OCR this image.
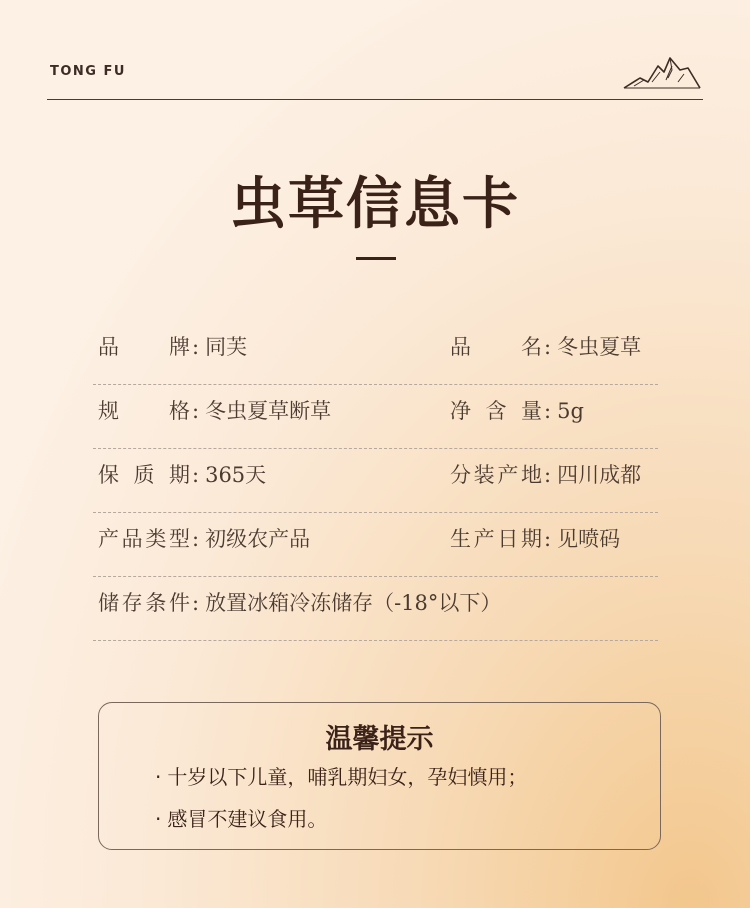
TONG FU
虫草信息卡
品牌: 同芙	品名: 冬虫夏草
规格: 冬虫夏草断草	净含量: 5g
保质期: 365天	分装产地: 四川成都
产品类型: 初级农产品	生产日期: 见喷码
储存条件: 放置冰箱冷冻储存（-18°以下）
温馨提示
· 十岁以下儿童，哺乳期妇女，孕妇慎用；
· 感冒不建议食用。
